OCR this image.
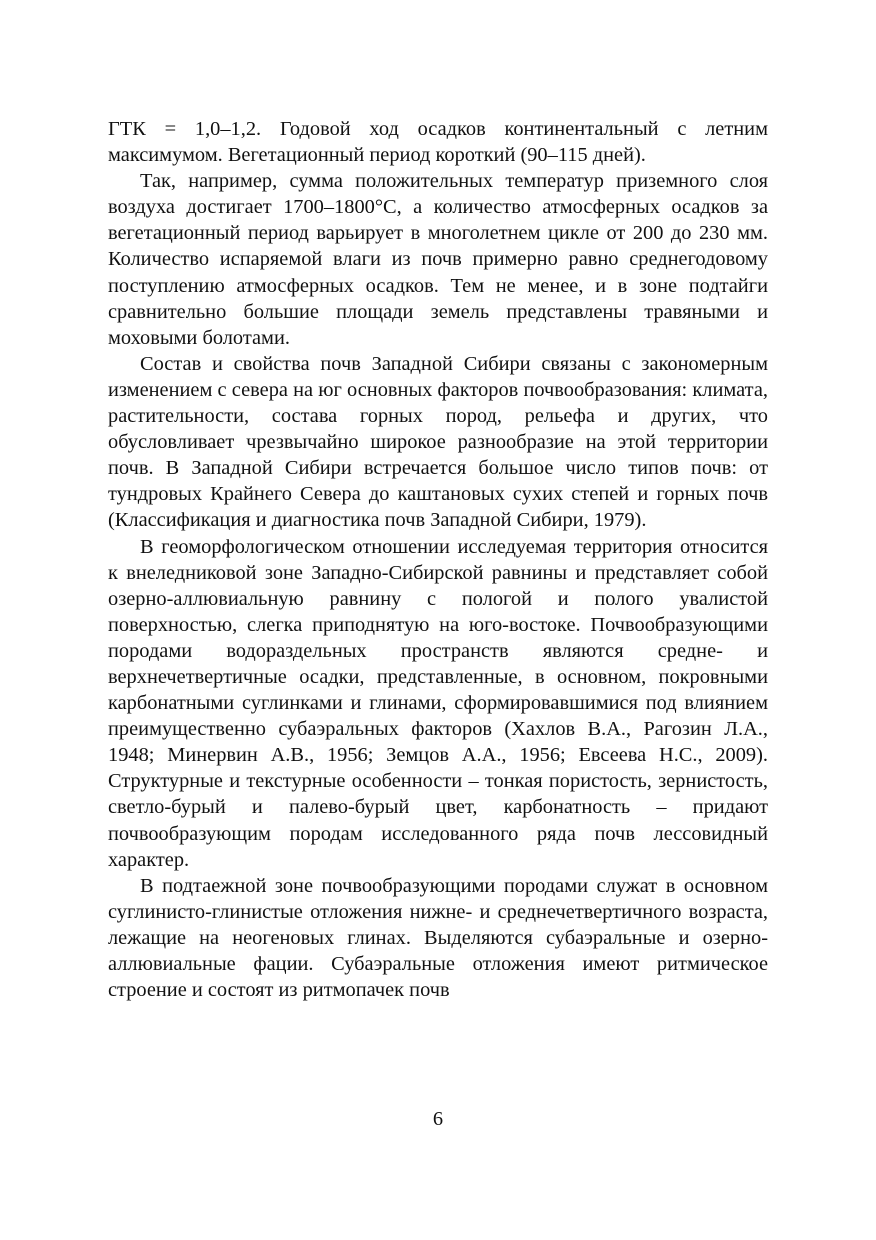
ГТК = 1,0–1,2. Годовой ход осадков континентальный с летним максимумом. Вегетационный период короткий (90–115 дней).

Так, например, сумма положительных температур приземного слоя воздуха достигает 1700–1800°С, а количество атмосферных осадков за вегетационный период варьирует в многолетнем цикле от 200 до 230 мм. Количество испаряемой влаги из почв примерно равно среднегодовому поступлению атмосферных осадков. Тем не менее, и в зоне подтайги сравнительно большие площади земель представлены травяными и моховыми болотами.

Состав и свойства почв Западной Сибири связаны с закономерным изменением с севера на юг основных факторов почвообразования: климата, растительности, состава горных пород, рельефа и других, что обусловливает чрезвычайно широкое разнообразие на этой территории почв. В Западной Сибири встречается большое число типов почв: от тундровых Крайнего Севера до каштановых сухих степей и горных почв (Классификация и диагностика почв Западной Сибири, 1979).

В геоморфологическом отношении исследуемая территория относится к внеледниковой зоне Западно-Сибирской равнины и представляет собой озерно-аллювиальную равнину с пологой и полого увалистой поверхностью, слегка приподнятую на юго-востоке. Почвообразующими породами водораздельных пространств являются средне- и верхнечетвертичные осадки, представленные, в основном, покровными карбонатными суглинками и глинами, сформировавшимися под влиянием преимущественно субаэральных факторов (Хахлов В.А., Рагозин Л.А., 1948; Минервин А.В., 1956; Земцов А.А., 1956; Евсеева Н.С., 2009). Структурные и текстурные особенности – тонкая пористость, зернистость, светло-бурый и палево-бурый цвет, карбонатность – придают почвообразующим породам исследованного ряда почв лессовидный характер.

В подтаежной зоне почвообразующими породами служат в основном суглинисто-глинистые отложения нижне- и среднечетвертичного возраста, лежащие на неогеновых глинах. Выделяются субаэральные и озерно-аллювиальные фации. Субаэральные отложения имеют ритмическое строение и состоят из ритмопачек почв

6
